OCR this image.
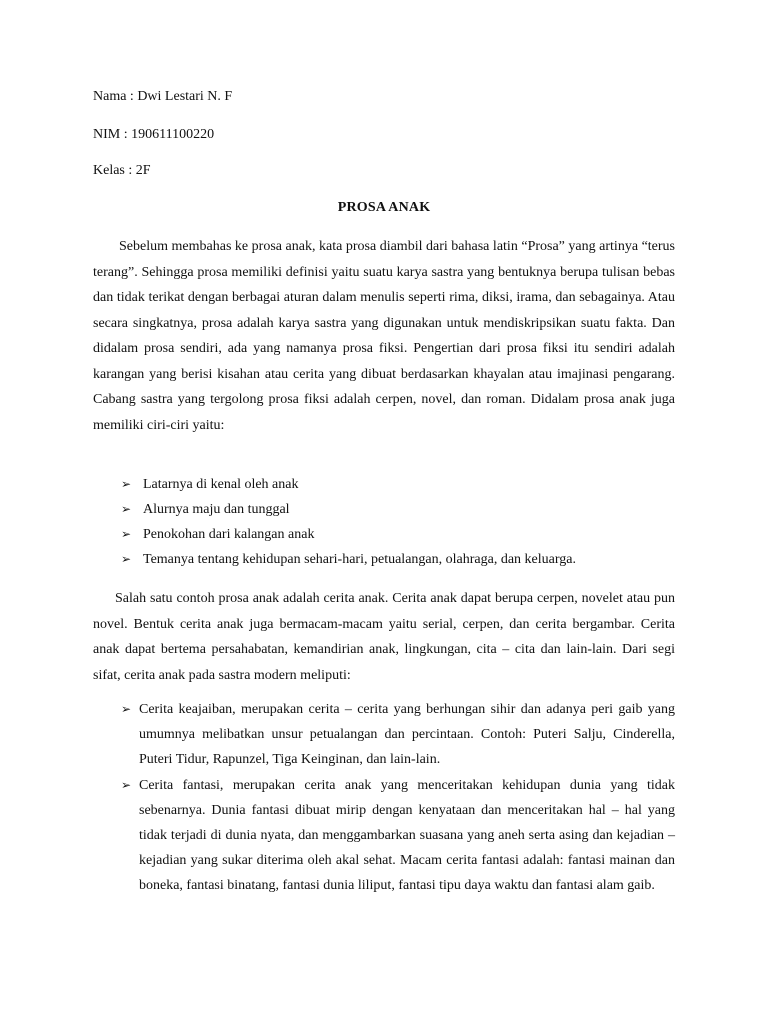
Nama : Dwi Lestari N. F
NIM : 190611100220
Kelas : 2F
PROSA ANAK

Sebelum membahas ke prosa anak, kata prosa diambil dari bahasa latin “Prosa” yang artinya “terus terang”. Sehingga prosa memiliki definisi yaitu suatu karya sastra yang bentuknya berupa tulisan bebas dan tidak terikat dengan berbagai aturan dalam menulis seperti rima, diksi, irama, dan sebagainya. Atau secara singkatnya, prosa adalah karya sastra yang digunakan untuk mendiskripsikan suatu fakta. Dan didalam prosa sendiri, ada yang namanya prosa fiksi. Pengertian dari prosa fiksi itu sendiri adalah karangan yang berisi kisahan atau cerita yang dibuat berdasarkan khayalan atau imajinasi pengarang. Cabang sastra yang tergolong prosa fiksi adalah cerpen, novel, dan roman. Didalam prosa anak juga memiliki ciri-ciri yaitu:

➢ Latarnya di kenal oleh anak
➢ Alurnya maju dan tunggal
➢ Penokohan dari kalangan anak
➢ Temanya tentang kehidupan sehari-hari, petualangan, olahraga, dan keluarga.

Salah satu contoh prosa anak adalah cerita anak. Cerita anak dapat berupa cerpen, novelet atau pun novel. Bentuk cerita anak juga bermacam-macam yaitu serial, cerpen, dan cerita bergambar. Cerita anak dapat bertema persahabatan, kemandirian anak, lingkungan, cita – cita dan lain-lain. Dari segi sifat, cerita anak pada sastra modern meliputi:

➢ Cerita keajaiban, merupakan cerita – cerita yang berhungan sihir dan adanya peri gaib yang umumnya melibatkan unsur petualangan dan percintaan. Contoh: Puteri Salju, Cinderella, Puteri Tidur, Rapunzel, Tiga Keinginan, dan lain-lain.
➢ Cerita fantasi, merupakan cerita anak yang menceritakan kehidupan dunia yang tidak sebenarnya. Dunia fantasi dibuat mirip dengan kenyataan dan menceritakan hal – hal yang tidak terjadi di dunia nyata, dan menggambarkan suasana yang aneh serta asing dan kejadian – kejadian yang sukar diterima oleh akal sehat. Macam cerita fantasi adalah: fantasi mainan dan boneka, fantasi binatang, fantasi dunia liliput, fantasi tipu daya waktu dan fantasi alam gaib.
